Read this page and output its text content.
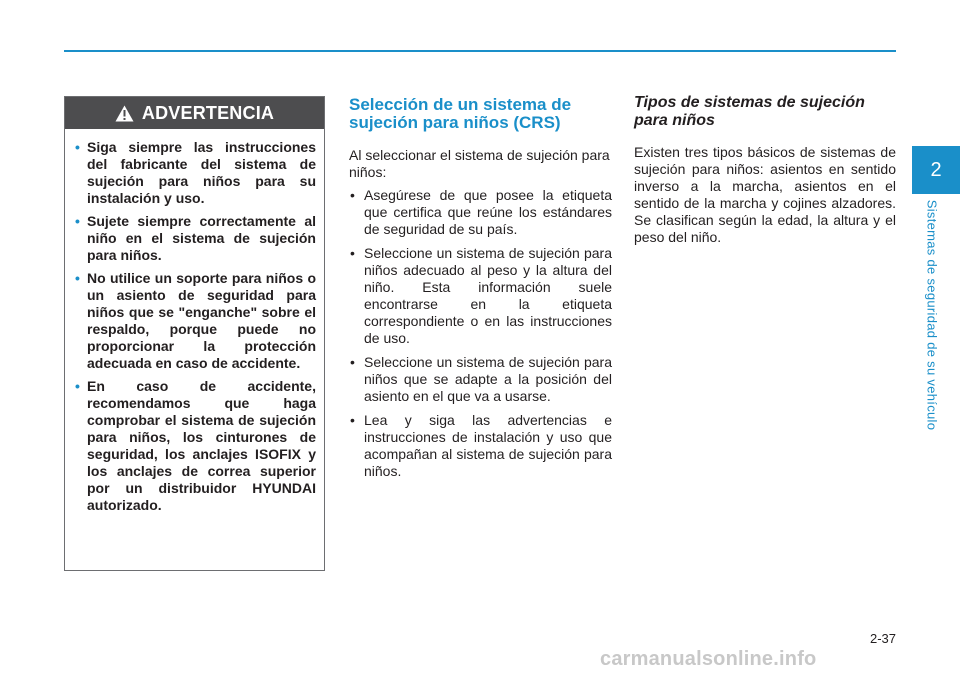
ADVERTENCIA
• Siga siempre las instrucciones del fabricante del sistema de sujeción para niños para su instalación y uso.
• Sujete siempre correctamente al niño en el sistema de sujeción para niños.
• No utilice un soporte para niños o un asiento de seguridad para niños que se "enganche" sobre el respaldo, porque puede no proporcionar la protección adecuada en caso de accidente.
• En caso de accidente, recomendamos que haga comprobar el sistema de sujeción para niños, los cinturones de seguridad, los anclajes ISOFIX y los anclajes de correa superior por un distribuidor HYUNDAI autorizado.
Selección de un sistema de
sujeción para niños (CRS)

Al seleccionar el sistema de sujeción para niños:

• Asegúrese de que posee la etiqueta que certifica que reúne los estándares de seguridad de su país.
• Seleccione un sistema de sujeción para niños adecuado al peso y la altura del niño. Esta información suele encontrarse en la etiqueta correspondiente o en las instrucciones de uso.
• Seleccione un sistema de sujeción para niños que se adapte a la posición del asiento en el que va a usarse.
• Lea y siga las advertencias e instrucciones de instalación y uso que acompañan al sistema de sujeción para niños.
Tipos de sistemas de sujeción
para niños

Existen tres tipos básicos de sistemas de sujeción para niños: asientos en sentido inverso a la marcha, asientos en el sentido de la marcha y cojines alzadores. Se clasifican según la edad, la altura y el peso del niño.

2
Sistemas de seguridad de su vehículo
2-37
carmanualsonline.info
